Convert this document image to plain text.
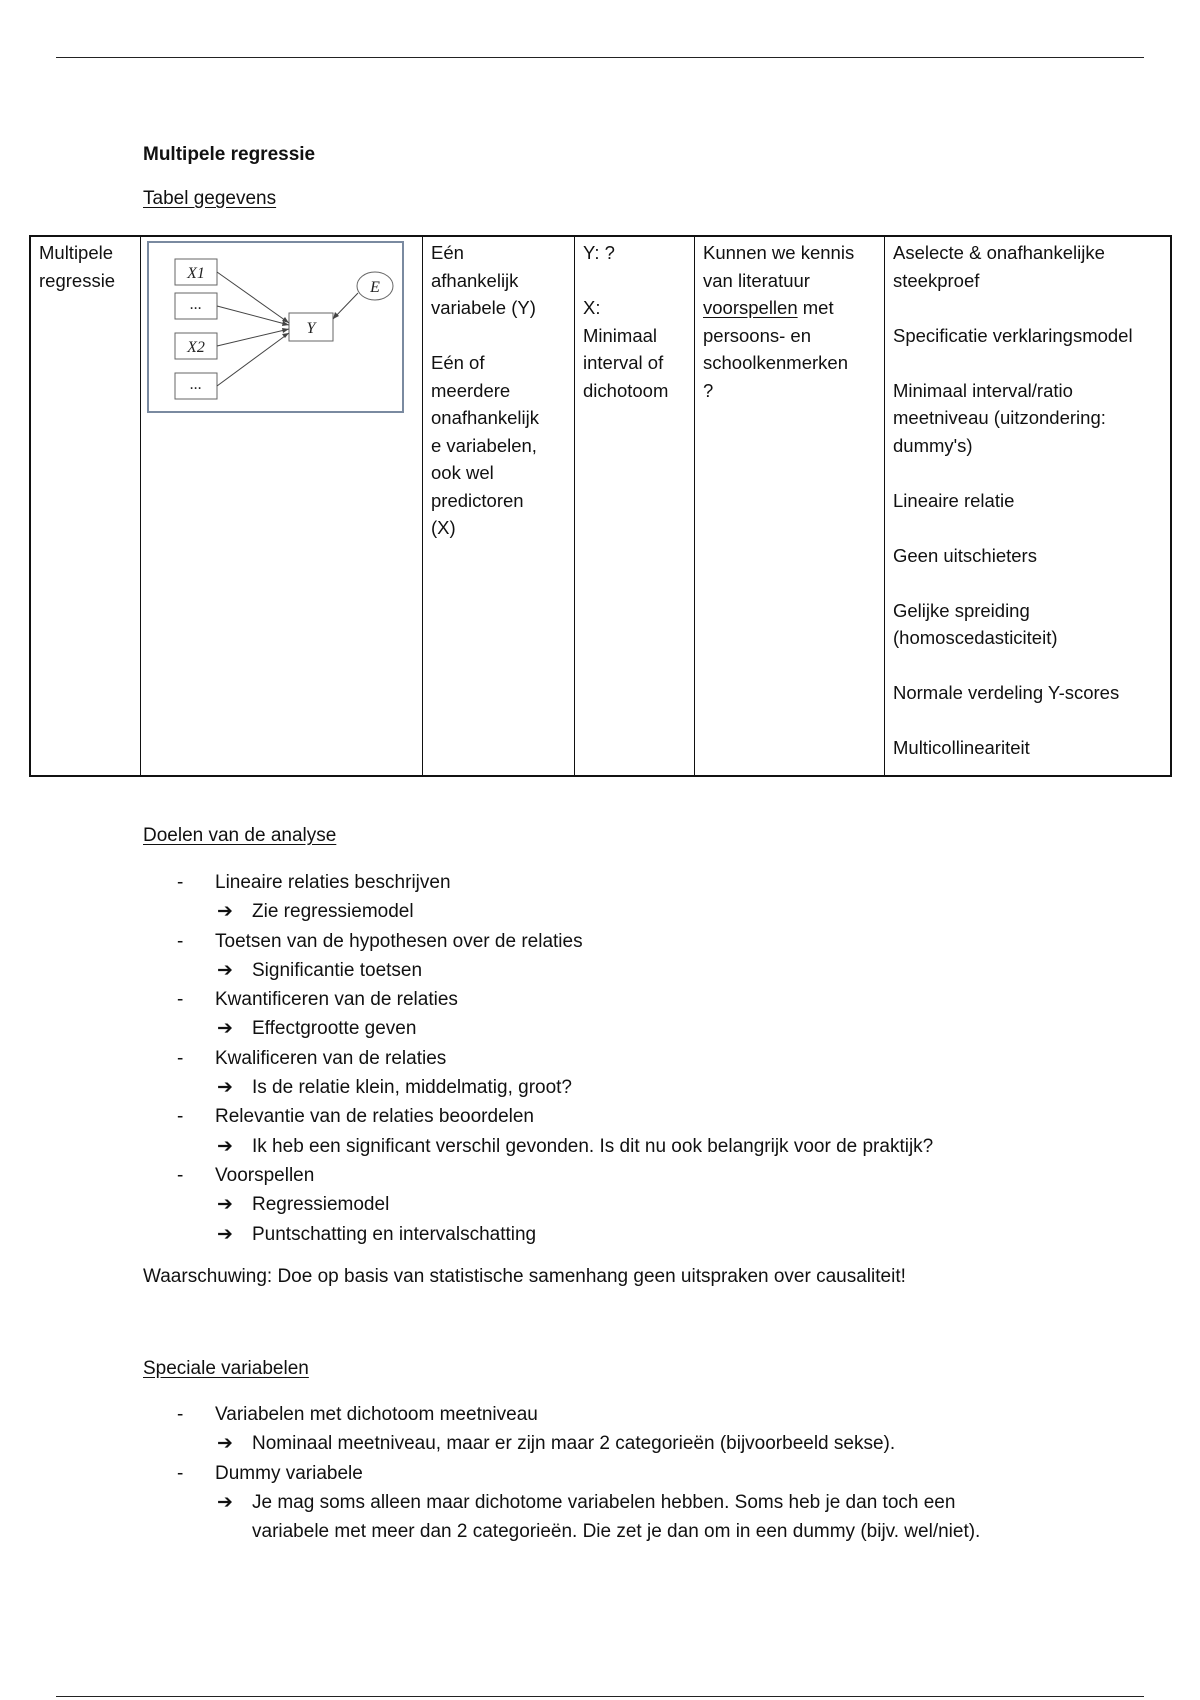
Multipele regressie
Tabel gegevens
Multipele
regressie	X1
...
X2
...
Y
E
Eén
afhankelijk
variabele (Y)
Eén of
meerdere
onafhankelijk
e variabelen,
ook wel
predictoren
(X)
Y: ?
X:
Minimaal
interval of
dichotoom
Kunnen we kennis
van literatuur
voorspellen met
persoons- en
schoolkenmerken
?
Aselecte & onafhankelijke
steekproef
Specificatie verklaringsmodel
Minimaal interval/ratio
meetniveau (uitzondering:
dummy's)
Lineaire relatie
Geen uitschieters
Gelijke spreiding
(homoscedasticiteit)
Normale verdeling Y-scores
Multicollineariteit
Doelen van de analyse
- Lineaire relaties beschrijven
➔ Zie regressiemodel
- Toetsen van de hypothesen over de relaties
➔ Significantie toetsen
- Kwantificeren van de relaties
➔ Effectgrootte geven
- Kwalificeren van de relaties
➔ Is de relatie klein, middelmatig, groot?
- Relevantie van de relaties beoordelen
➔ Ik heb een significant verschil gevonden. Is dit nu ook belangrijk voor de praktijk?
- Voorspellen
➔ Regressiemodel
➔ Puntschatting en intervalschatting
Waarschuwing: Doe op basis van statistische samenhang geen uitspraken over causaliteit!
Speciale variabelen
- Variabelen met dichotoom meetniveau
➔ Nominaal meetniveau, maar er zijn maar 2 categorieën (bijvoorbeeld sekse).
- Dummy variabele
➔ Je mag soms alleen maar dichotome variabelen hebben. Soms heb je dan toch een variabele met meer dan 2 categorieën. Die zet je dan om in een dummy (bijv. wel/niet).
